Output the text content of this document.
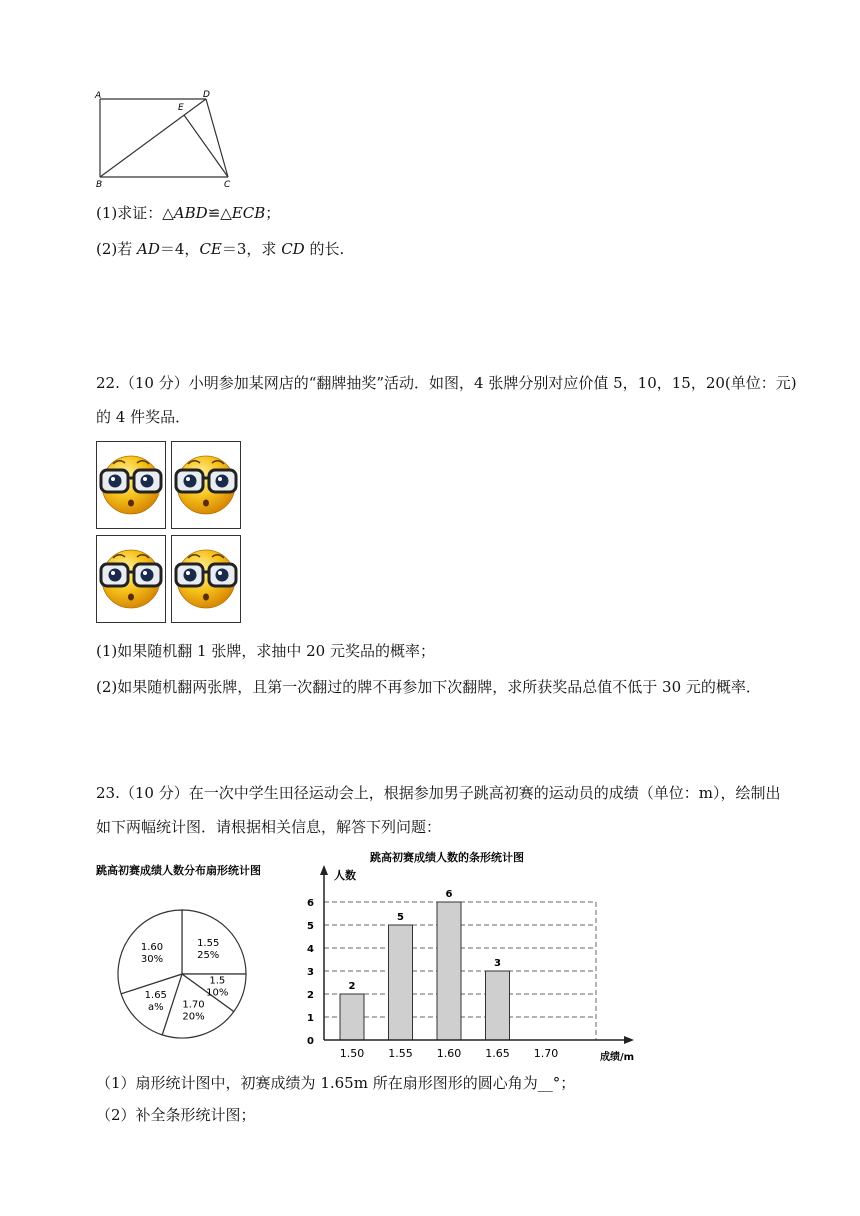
A	D
E
B	C
(1)求证：△ABD≌△ECB；
(2)若 AD＝4，CE＝3，求 CD 的长.
22.（10 分）小明参加某网店的“翻牌抽奖”活动．如图，4 张牌分别对应价值 5，10，15，20(单位：元)
的 4 件奖品．
(1)如果随机翻 1 张牌，求抽中 20 元奖品的概率；
(2)如果随机翻两张牌，且第一次翻过的牌不再参加下次翻牌，求所获奖品总值不低于 30 元的概率．
23.（10 分）在一次中学生田径运动会上，根据参加男子跳高初赛的运动员的成绩（单位：m），绘制出
如下两幅统计图．请根据相关信息，解答下列问题：
跳高初赛成绩人数分布扇形统计图
1.55
25%
1.5
10%
1.70
20%
1.65
a%
1.60
30%
跳高初赛成绩人数的条形统计图
人数
成绩/m
2
5
6
3
1.50 1.55 1.60 1.65 1.70
0
1
2
3
4
5
6
（1）扇形统计图中，初赛成绩为 1.65m 所在扇形图形的圆心角为__°；
（2）补全条形统计图；
